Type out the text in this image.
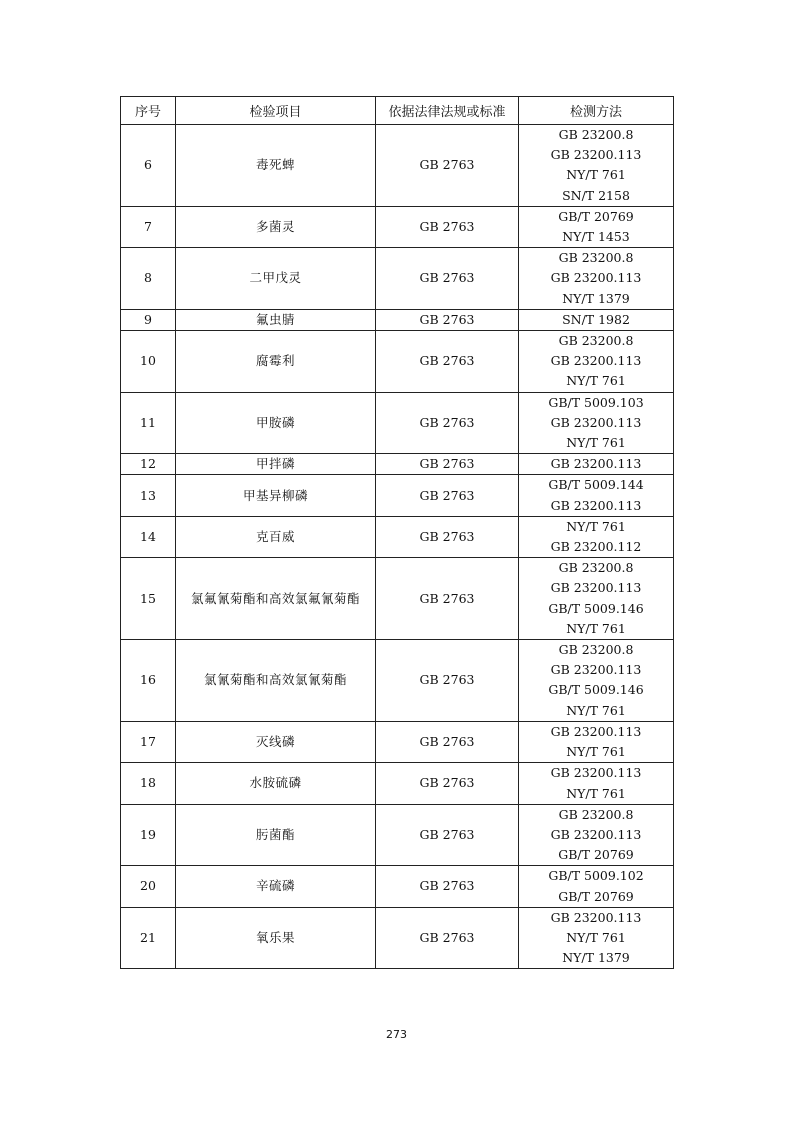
序号	检验项目	依据法律法规或标准	检测方法
6	毒死蜱	GB 2763	GB 23200.8
GB 23200.113
NY/T 761
SN/T 2158

7	多菌灵	GB 2763	GB/T 20769
NY/T 1453

8	二甲戊灵	GB 2763	GB 23200.8
GB 23200.113
NY/T 1379

9	氟虫腈	GB 2763	SN/T 1982

10	腐霉利	GB 2763	GB 23200.8
GB 23200.113
NY/T 761

11	甲胺磷	GB 2763	GB/T 5009.103
GB 23200.113
NY/T 761

12	甲拌磷	GB 2763	GB 23200.113

13	甲基异柳磷	GB 2763	GB/T 5009.144
GB 23200.113

14	克百威	GB 2763	NY/T 761
GB 23200.112

15	氯氟氰菊酯和高效氯氟氰菊酯	GB 2763	GB 23200.8
GB 23200.113
GB/T 5009.146
NY/T 761

16	氯氰菊酯和高效氯氰菊酯	GB 2763	GB 23200.8
GB 23200.113
GB/T 5009.146
NY/T 761

17	灭线磷	GB 2763	GB 23200.113
NY/T 761

18	水胺硫磷	GB 2763	GB 23200.113
NY/T 761

19	肟菌酯	GB 2763	GB 23200.8
GB 23200.113
GB/T 20769

20	辛硫磷	GB 2763	GB/T 5009.102
GB/T 20769

21	氧乐果	GB 2763	GB 23200.113
NY/T 761
NY/T 1379
273
